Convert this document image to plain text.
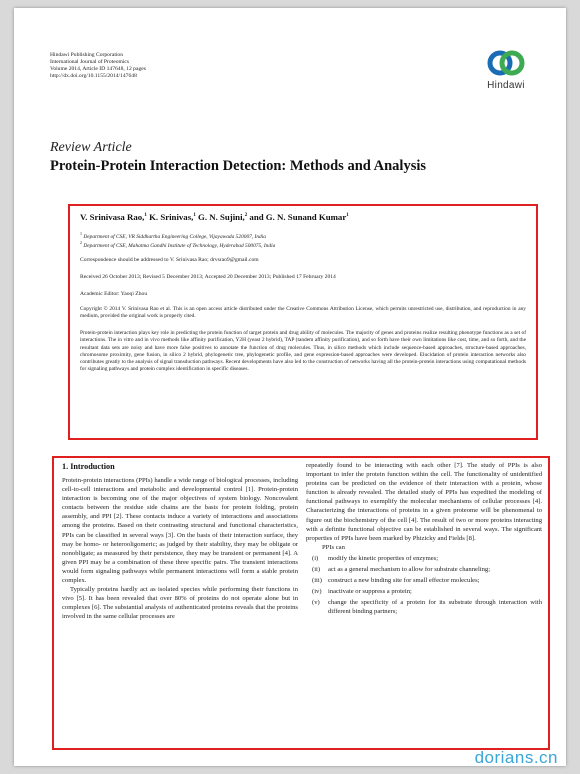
Hindawi Publishing Corporation
International Journal of Proteomics
Volume 2014, Article ID 147648, 12 pages
http://dx.doi.org/10.1155/2014/147648
Hindawi
Review Article
Protein-Protein Interaction Detection: Methods and Analysis
V. Srinivasa Rao,$^1$ K. Srinivas,$^1$ G. N. Sujini,$^2$ and G. N. Sunand Kumar$^1$
$^1$ Department of CSE, VR Siddhartha Engineering College, Vijayawada 520007, India
$^2$ Department of CSE, Mahatma Gandhi Institute of Technology, Hyderabad 500075, India
Correspondence should be addressed to V. Srinivasa Rao; drvsrao9@gmail.com
Received 26 October 2013; Revised 5 December 2013; Accepted 20 December 2013; Published 17 February 2014
Academic Editor: Yaoqi Zhou
Copyright © 2014 V. Srinivasa Rao et al. This is an open access article distributed under the Creative Commons Attribution License, which permits unrestricted use, distribution, and reproduction in any medium, provided the original work is properly cited.
Protein-protein interaction plays key role in predicting the protein function of target protein and drug ability of molecules. The majority of genes and proteins realize resulting phenotype functions as a set of interactions. The in vitro and in vivo methods like affinity purification, Y2H (yeast 2 hybrid), TAP (tandem affinity purification), and so forth have their own limitations like cost, time, and so forth, and the resultant data sets are noisy and have more false positives to annotate the function of drug molecules. Thus, in silico methods which include sequence-based approaches, structure-based approaches, chromosome proximity, gene fusion, in silico 2 hybrid, phylogenetic tree, phylogenetic profile, and gene expression-based approaches were developed. Elucidation of protein interaction networks also contributes greatly to the analysis of signal transduction pathways. Recent developments have also led to the construction of networks having all the protein-protein interactions using computational methods for signaling pathways and protein complex identification in specific diseases.
1. Introduction

Protein-protein interactions (PPIs) handle a wide range of biological processes, including cell-to-cell interactions and metabolic and developmental control [1]. Protein-protein interaction is becoming one of the major objectives of system biology. Noncovalent contacts between the residue side chains are the basis for protein folding, protein assembly, and PPI [2]. These contacts induce a variety of interactions and associations among the proteins. Based on their contrasting structural and functional characteristics, PPIs can be classified in several ways [3]. On the basis of their interaction surface, they may be homo- or heterooligomeric; as judged by their stability, they may be obligate or nonobligate; as measured by their persistence, they may be transient or permanent [4]. A given PPI may be a combination of these three specific pairs. The transient interactions would form signaling pathways while permanent interactions will form a stable protein complex.

Typically proteins hardly act as isolated species while performing their functions in vivo [5]. It has been revealed that over 80% of proteins do not operate alone but in complexes [6]. The substantial analysis of authenticated proteins reveals that the proteins involved in the same cellular processes are

repeatedly found to be interacting with each other [7]. The study of PPIs is also important to infer the protein function within the cell. The functionality of unidentified proteins can be predicted on the evidence of their interaction with a protein, whose function is already revealed. The detailed study of PPIs has expedited the modeling of functional pathways to exemplify the molecular mechanisms of cellular processes [4]. Characterizing the interactions of proteins in a given proteome will be phenomenal to figure out the biochemistry of the cell [4]. The result of two or more proteins interacting with a definite functional objective can be established in several ways. The significant properties of PPIs have been marked by Phizicky and Fields [8].

PPIs can

(i)	modify the kinetic properties of enzymes;
(ii)	act as a general mechanism to allow for substrate channeling;
(iii) construct a new binding site for small effector molecules;
(iv) inactivate or suppress a protein;
(v)	change the specificity of a protein for its substrate through interaction with different binding partners;
dorians.cn
